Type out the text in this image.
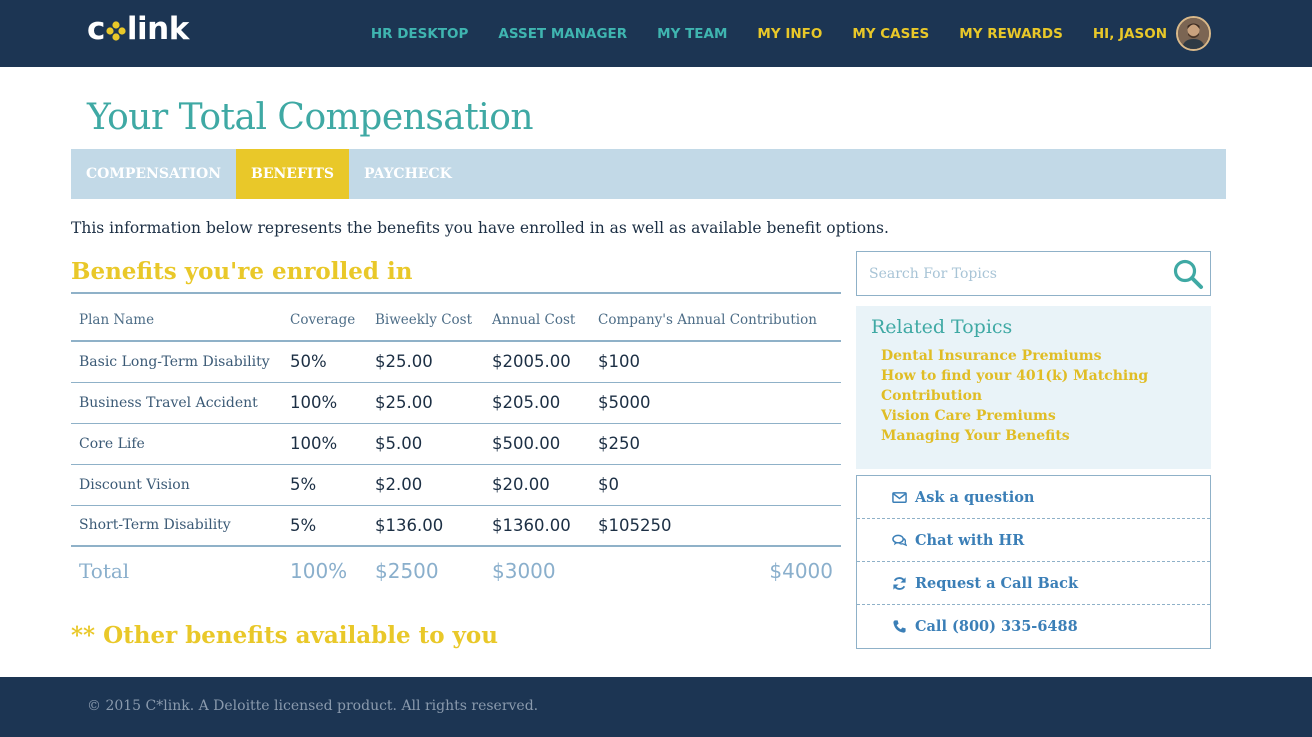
c link	HR DESKTOP ASSET MANAGER MY TEAM MY INFO MY CASES MY REWARDS HI, JASON
Your Total Compensation
COMPENSATION	BENEFITS	PAYCHECK

This information below represents the benefits you have enrolled in as well as available benefit options.

Benefits you're enrolled in
Plan Name	Coverage	Biweekly Cost	Annual Cost	Company's Annual Contribution
Basic Long-Term Disability	50%	$25.00	$2005.00	$100
Business Travel Accident	100%	$25.00	$205.00	$5000
Core Life	100%	$5.00	$500.00	$250
Discount Vision	5%	$2.00	$20.00	$0
Short-Term Disability	5%	$136.00	$1360.00	$105250
Total	100%	$2500	$3000	$4000
** Other benefits available to you
Search For Topics
Related Topics
Dental Insurance Premiums
How to find your 401(k) Matching Contribution
Vision Care Premiums
Managing Your Benefits
Ask a question
Chat with HR
Request a Call Back
Call (800) 335-6488
© 2015 C*link. A Deloitte licensed product. All rights reserved.
